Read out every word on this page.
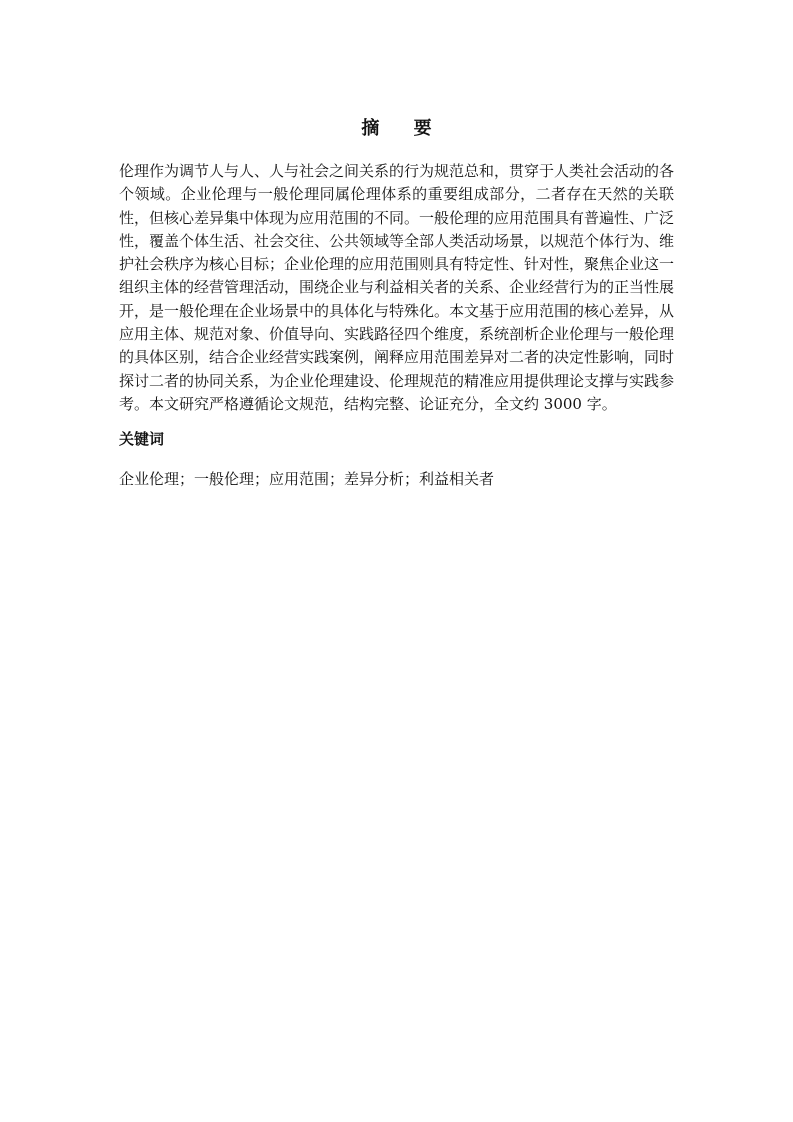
摘 要

伦理作为调节人与人、人与社会之间关系的行为规范总和，贯穿于人类社会活动的各个领域。企业伦理与一般伦理同属伦理体系的重要组成部分，二者存在天然的关联性，但核心差异集中体现为应用范围的不同。一般伦理的应用范围具有普遍性、广泛性，覆盖个体生活、社会交往、公共领域等全部人类活动场景，以规范个体行为、维护社会秩序为核心目标；企业伦理的应用范围则具有特定性、针对性，聚焦企业这一组织主体的经营管理活动，围绕企业与利益相关者的关系、企业经营行为的正当性展开，是一般伦理在企业场景中的具体化与特殊化。本文基于应用范围的核心差异，从应用主体、规范对象、价值导向、实践路径四个维度，系统剖析企业伦理与一般伦理的具体区别，结合企业经营实践案例，阐释应用范围差异对二者的决定性影响，同时探讨二者的协同关系，为企业伦理建设、伦理规范的精准应用提供理论支撑与实践参考。本文研究严格遵循论文规范，结构完整、论证充分，全文约 3000 字。

关键词

企业伦理；一般伦理；应用范围；差异分析；利益相关者
